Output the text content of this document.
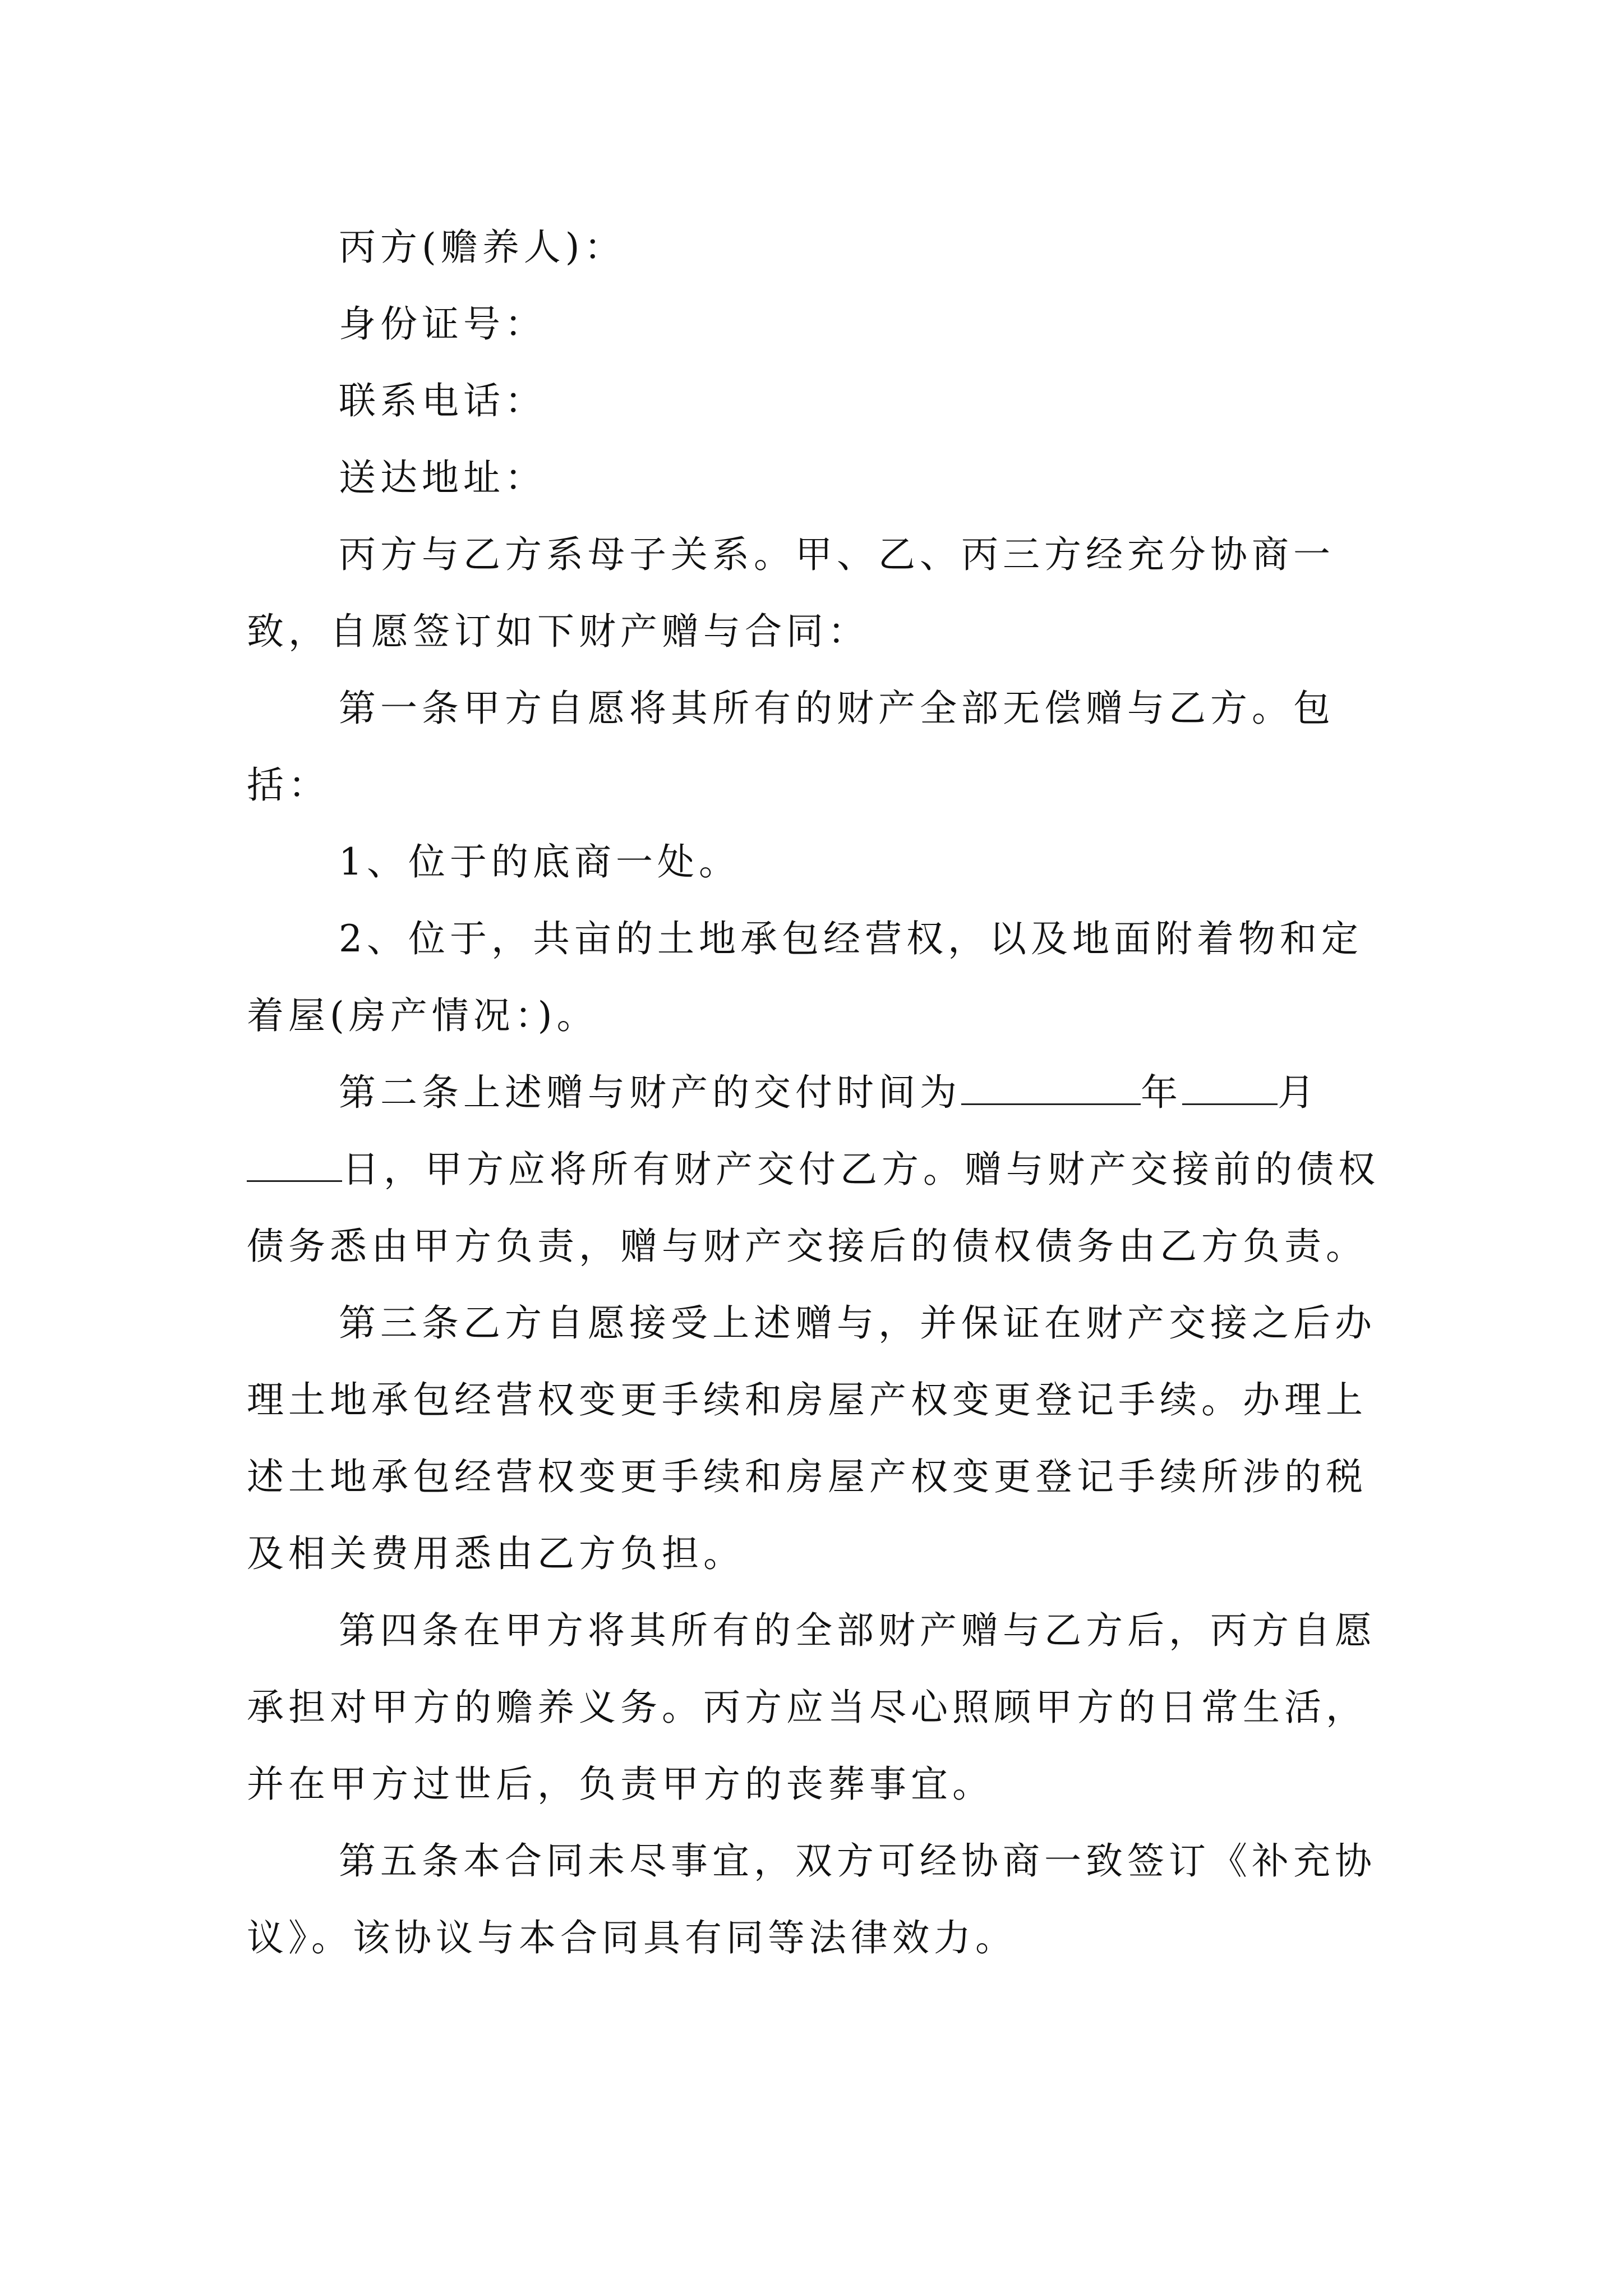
丙方(赡养人)：

身份证号：

联系电话：

送达地址：

丙方与乙方系母子关系。甲、乙、丙三方经充分协商一致，自愿签订如下财产赠与合同：

第一条甲方自愿将其所有的财产全部无偿赠与乙方。包括：

1、位于的底商一处。

2、位于，共亩的土地承包经营权，以及地面附着物和定着屋(房产情况：)。

第二条上述赠与财产的交付时间为	年	月日，甲方应将所有财产交付乙方。赠与财产交接前的债权债务悉由甲方负责，赠与财产交接后的债权债务由乙方负责。

第三条乙方自愿接受上述赠与，并保证在财产交接之后办理土地承包经营权变更手续和房屋产权变更登记手续。办理上述土地承包经营权变更手续和房屋产权变更登记手续所涉的税及相关费用悉由乙方负担。

第四条在甲方将其所有的全部财产赠与乙方后，丙方自愿承担对甲方的赡养义务。丙方应当尽心照顾甲方的日常生活，并在甲方过世后，负责甲方的丧葬事宜。

第五条本合同未尽事宜，双方可经协商一致签订《补充协议》。该协议与本合同具有同等法律效力。
